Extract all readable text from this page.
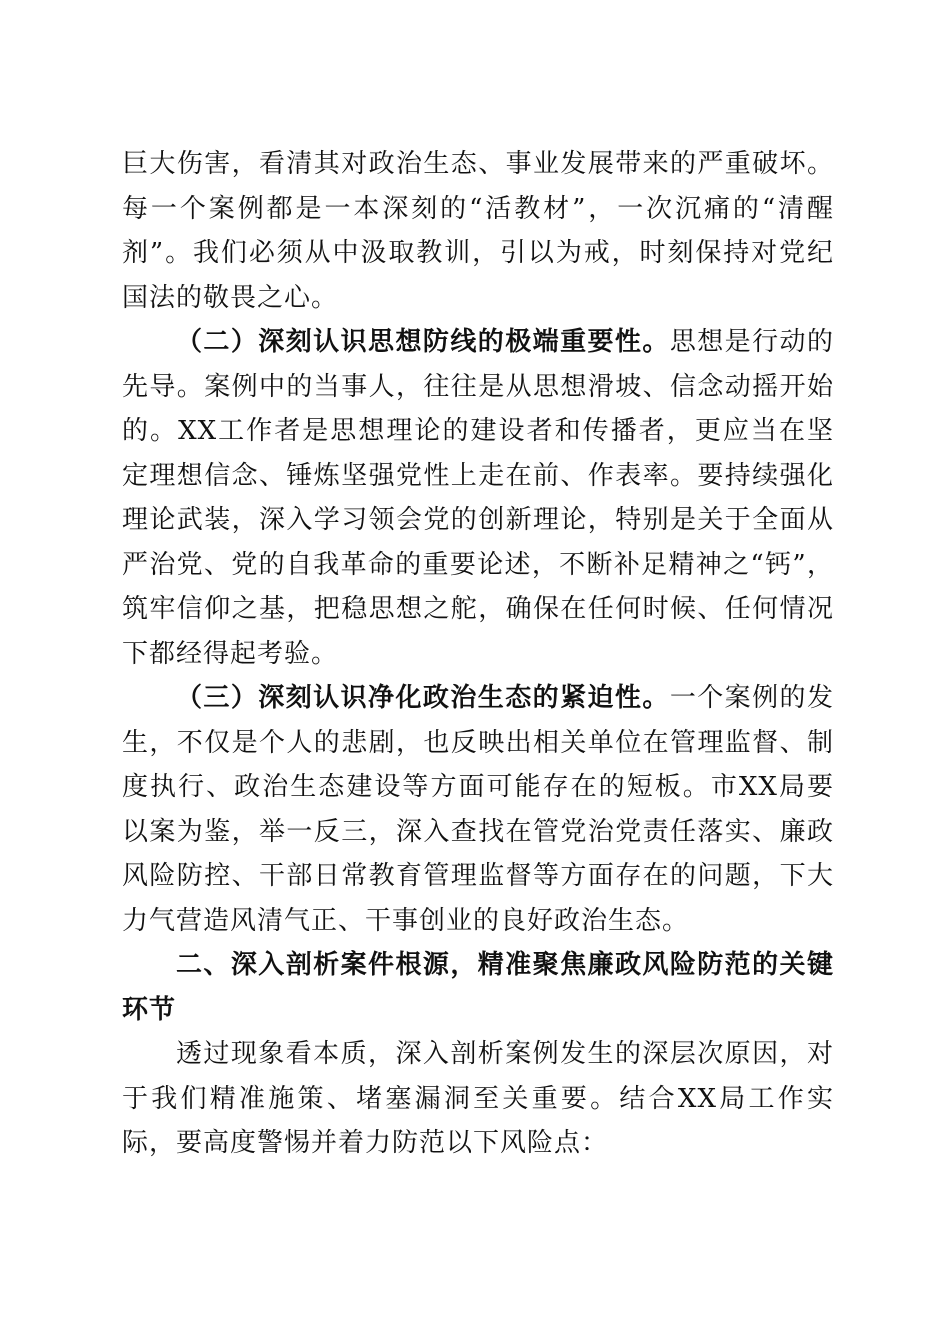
巨大伤害，看清其对政治生态、事业发展带来的严重破坏。每一个案例都是一本深刻的“活教材”，一次沉痛的“清醒剂”。我们必须从中汲取教训，引以为戒，时刻保持对党纪国法的敬畏之心。

（二）深刻认识思想防线的极端重要性。思想是行动的先导。案例中的当事人，往往是从思想滑坡、信念动摇开始的。XX工作者是思想理论的建设者和传播者，更应当在坚定理想信念、锤炼坚强党性上走在前、作表率。要持续强化理论武装，深入学习领会党的创新理论，特别是关于全面从严治党、党的自我革命的重要论述，不断补足精神之“钙”，筑牢信仰之基，把稳思想之舵，确保在任何时候、任何情况下都经得起考验。

（三）深刻认识净化政治生态的紧迫性。一个案例的发生，不仅是个人的悲剧，也反映出相关单位在管理监督、制度执行、政治生态建设等方面可能存在的短板。市XX局要以案为鉴，举一反三，深入查找在管党治党责任落实、廉政风险防控、干部日常教育管理监督等方面存在的问题，下大力气营造风清气正、干事创业的良好政治生态。

二、深入剖析案件根源，精准聚焦廉政风险防范的关键环节

透过现象看本质，深入剖析案例发生的深层次原因，对于我们精准施策、堵塞漏洞至关重要。结合XX局工作实际，要高度警惕并着力防范以下风险点：
